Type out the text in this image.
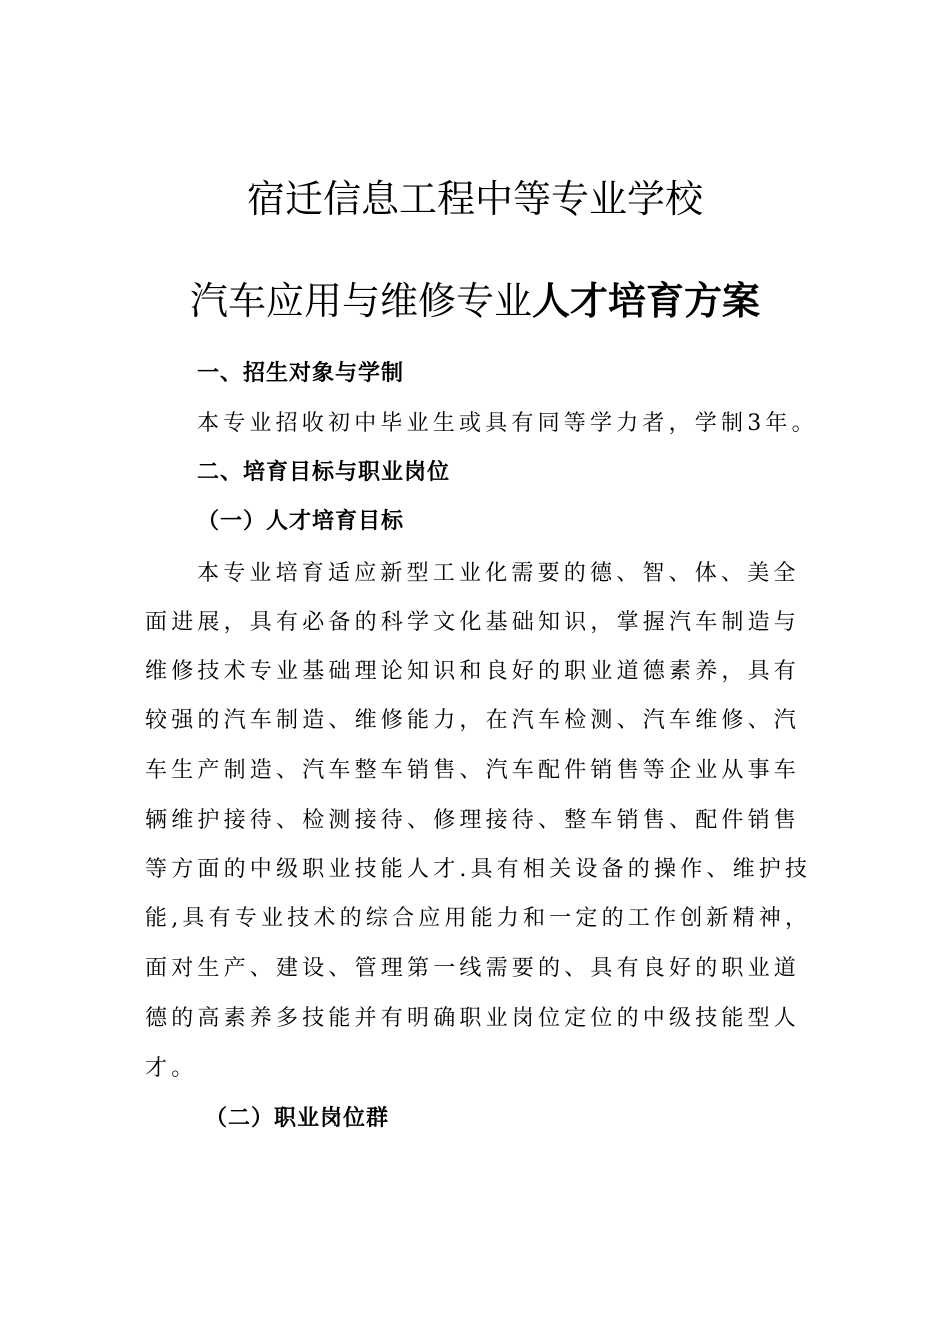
宿迁信息工程中等专业学校
汽车应用与维修专业人才培育方案
一、招生对象与学制
本专业招收初中毕业生或具有同等学力者，学制3年。
二、培育目标与职业岗位
（一）人才培育目标
本专业培育适应新型工业化需要的德、智、体、美全
面进展，具有必备的科学文化基础知识，掌握汽车制造与
维修技术专业基础理论知识和良好的职业道德素养，具有
较强的汽车制造、维修能力，在汽车检测、汽车维修、汽
车生产制造、汽车整车销售、汽车配件销售等企业从事车
辆维护接待、检测接待、修理接待、整车销售、配件销售
等方面的中级职业技能人才.具有相关设备的操作、维护技
能,具有专业技术的综合应用能力和一定的工作创新精神，
面对生产、建设、管理第一线需要的、具有良好的职业道
德的高素养多技能并有明确职业岗位定位的中级技能型人
才。
（二）职业岗位群
